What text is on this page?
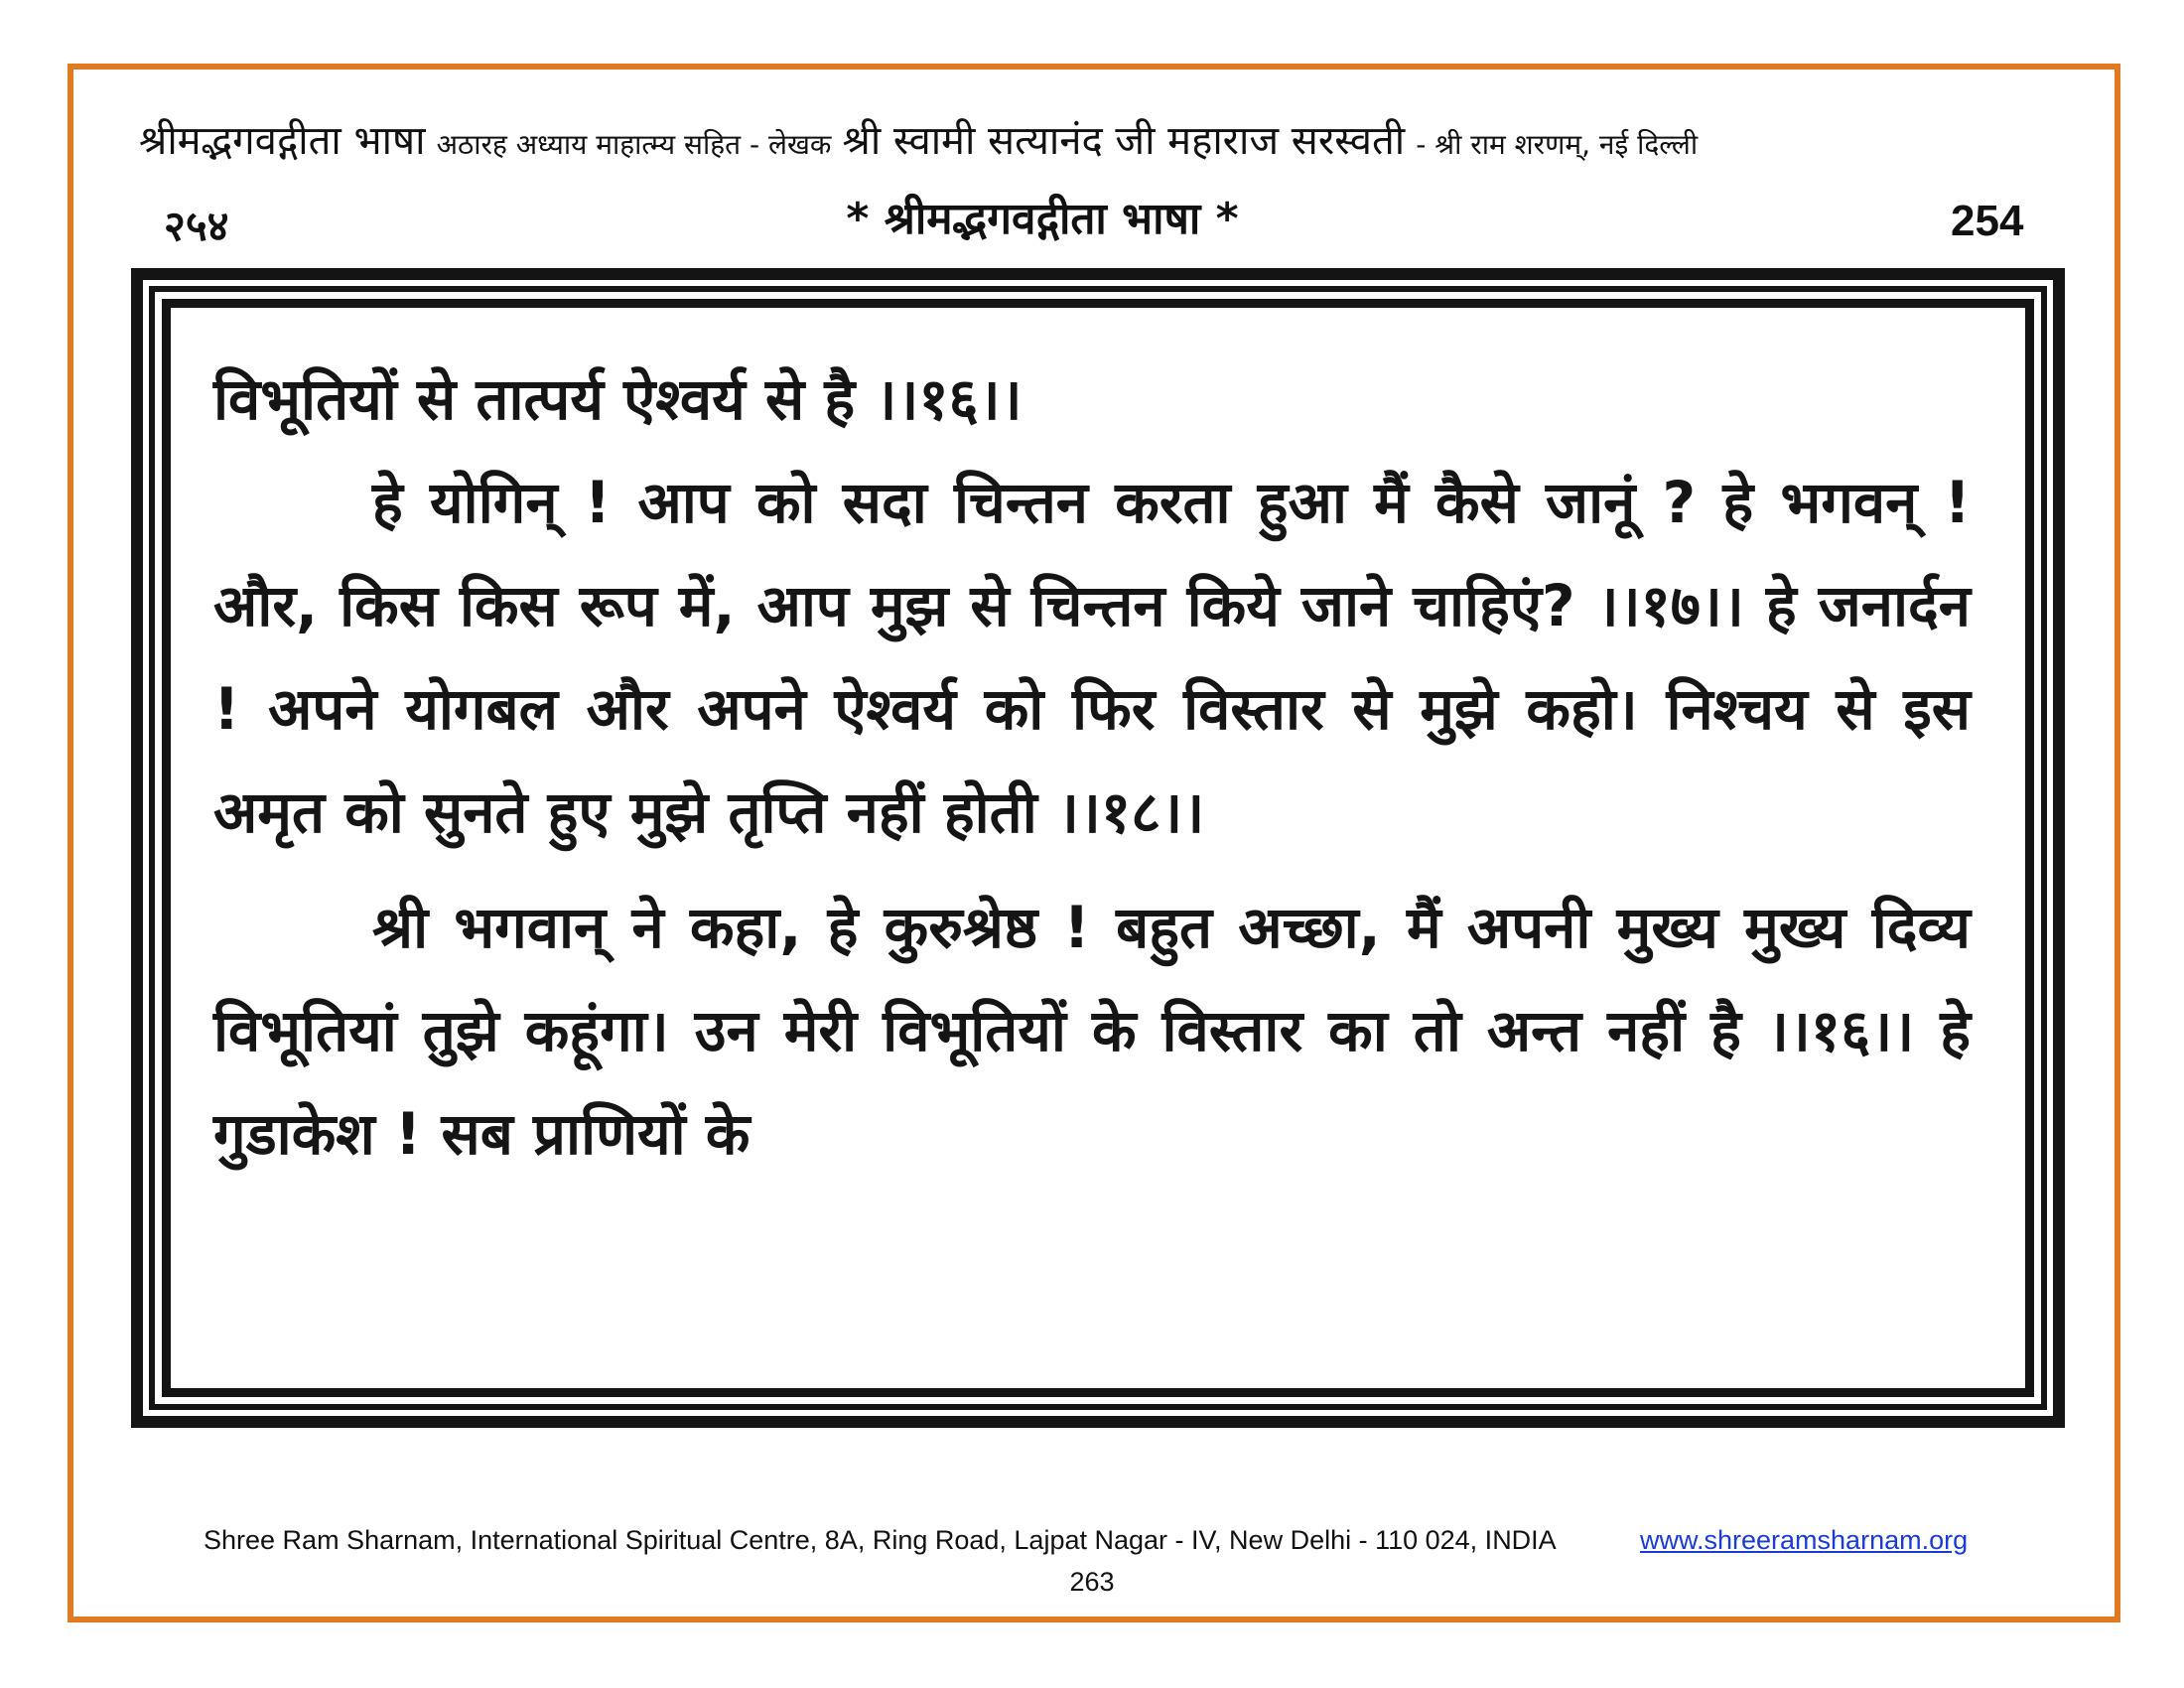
श्रीमद्भगवद्गीता भाषा अठारह अध्याय माहात्म्य सहित - लेखक श्री स्वामी सत्यानंद जी महाराज सरस्वती - श्री राम शरणम्, नई दिल्ली
२५४	* श्रीमद्भगवद्गीता भाषा *	254

विभूतियों से तात्पर्य ऐश्वर्य से है ।।१६।।

हे योगिन् ! आप को सदा चिन्तन करता हुआ मैं कैसे जानूं ? हे भगवन् ! और, किस किस रूप में, आप मुझ से चिन्तन किये जाने चाहिएं? ।।१७।। हे जनार्दन ! अपने योगबल और अपने ऐश्वर्य को फिर विस्तार से मुझे कहो। निश्चय से इस अमृत को सुनते हुए मुझे तृप्ति नहीं होती ।।१८।।

श्री भगवान् ने कहा, हे कुरुश्रेष्ठ ! बहुत अच्छा, मैं अपनी मुख्य मुख्य दिव्य विभूतियां तुझे कहूंगा। उन मेरी विभूतियों के विस्तार का तो अन्त नहीं है ।।१६।। हे गुडाकेश ! सब प्राणियों के

Shree Ram Sharnam, International Spiritual Centre, 8A, Ring Road, Lajpat Nagar - IV, New Delhi - 110 024, INDIA	www.shreeramsharnam.org
263
